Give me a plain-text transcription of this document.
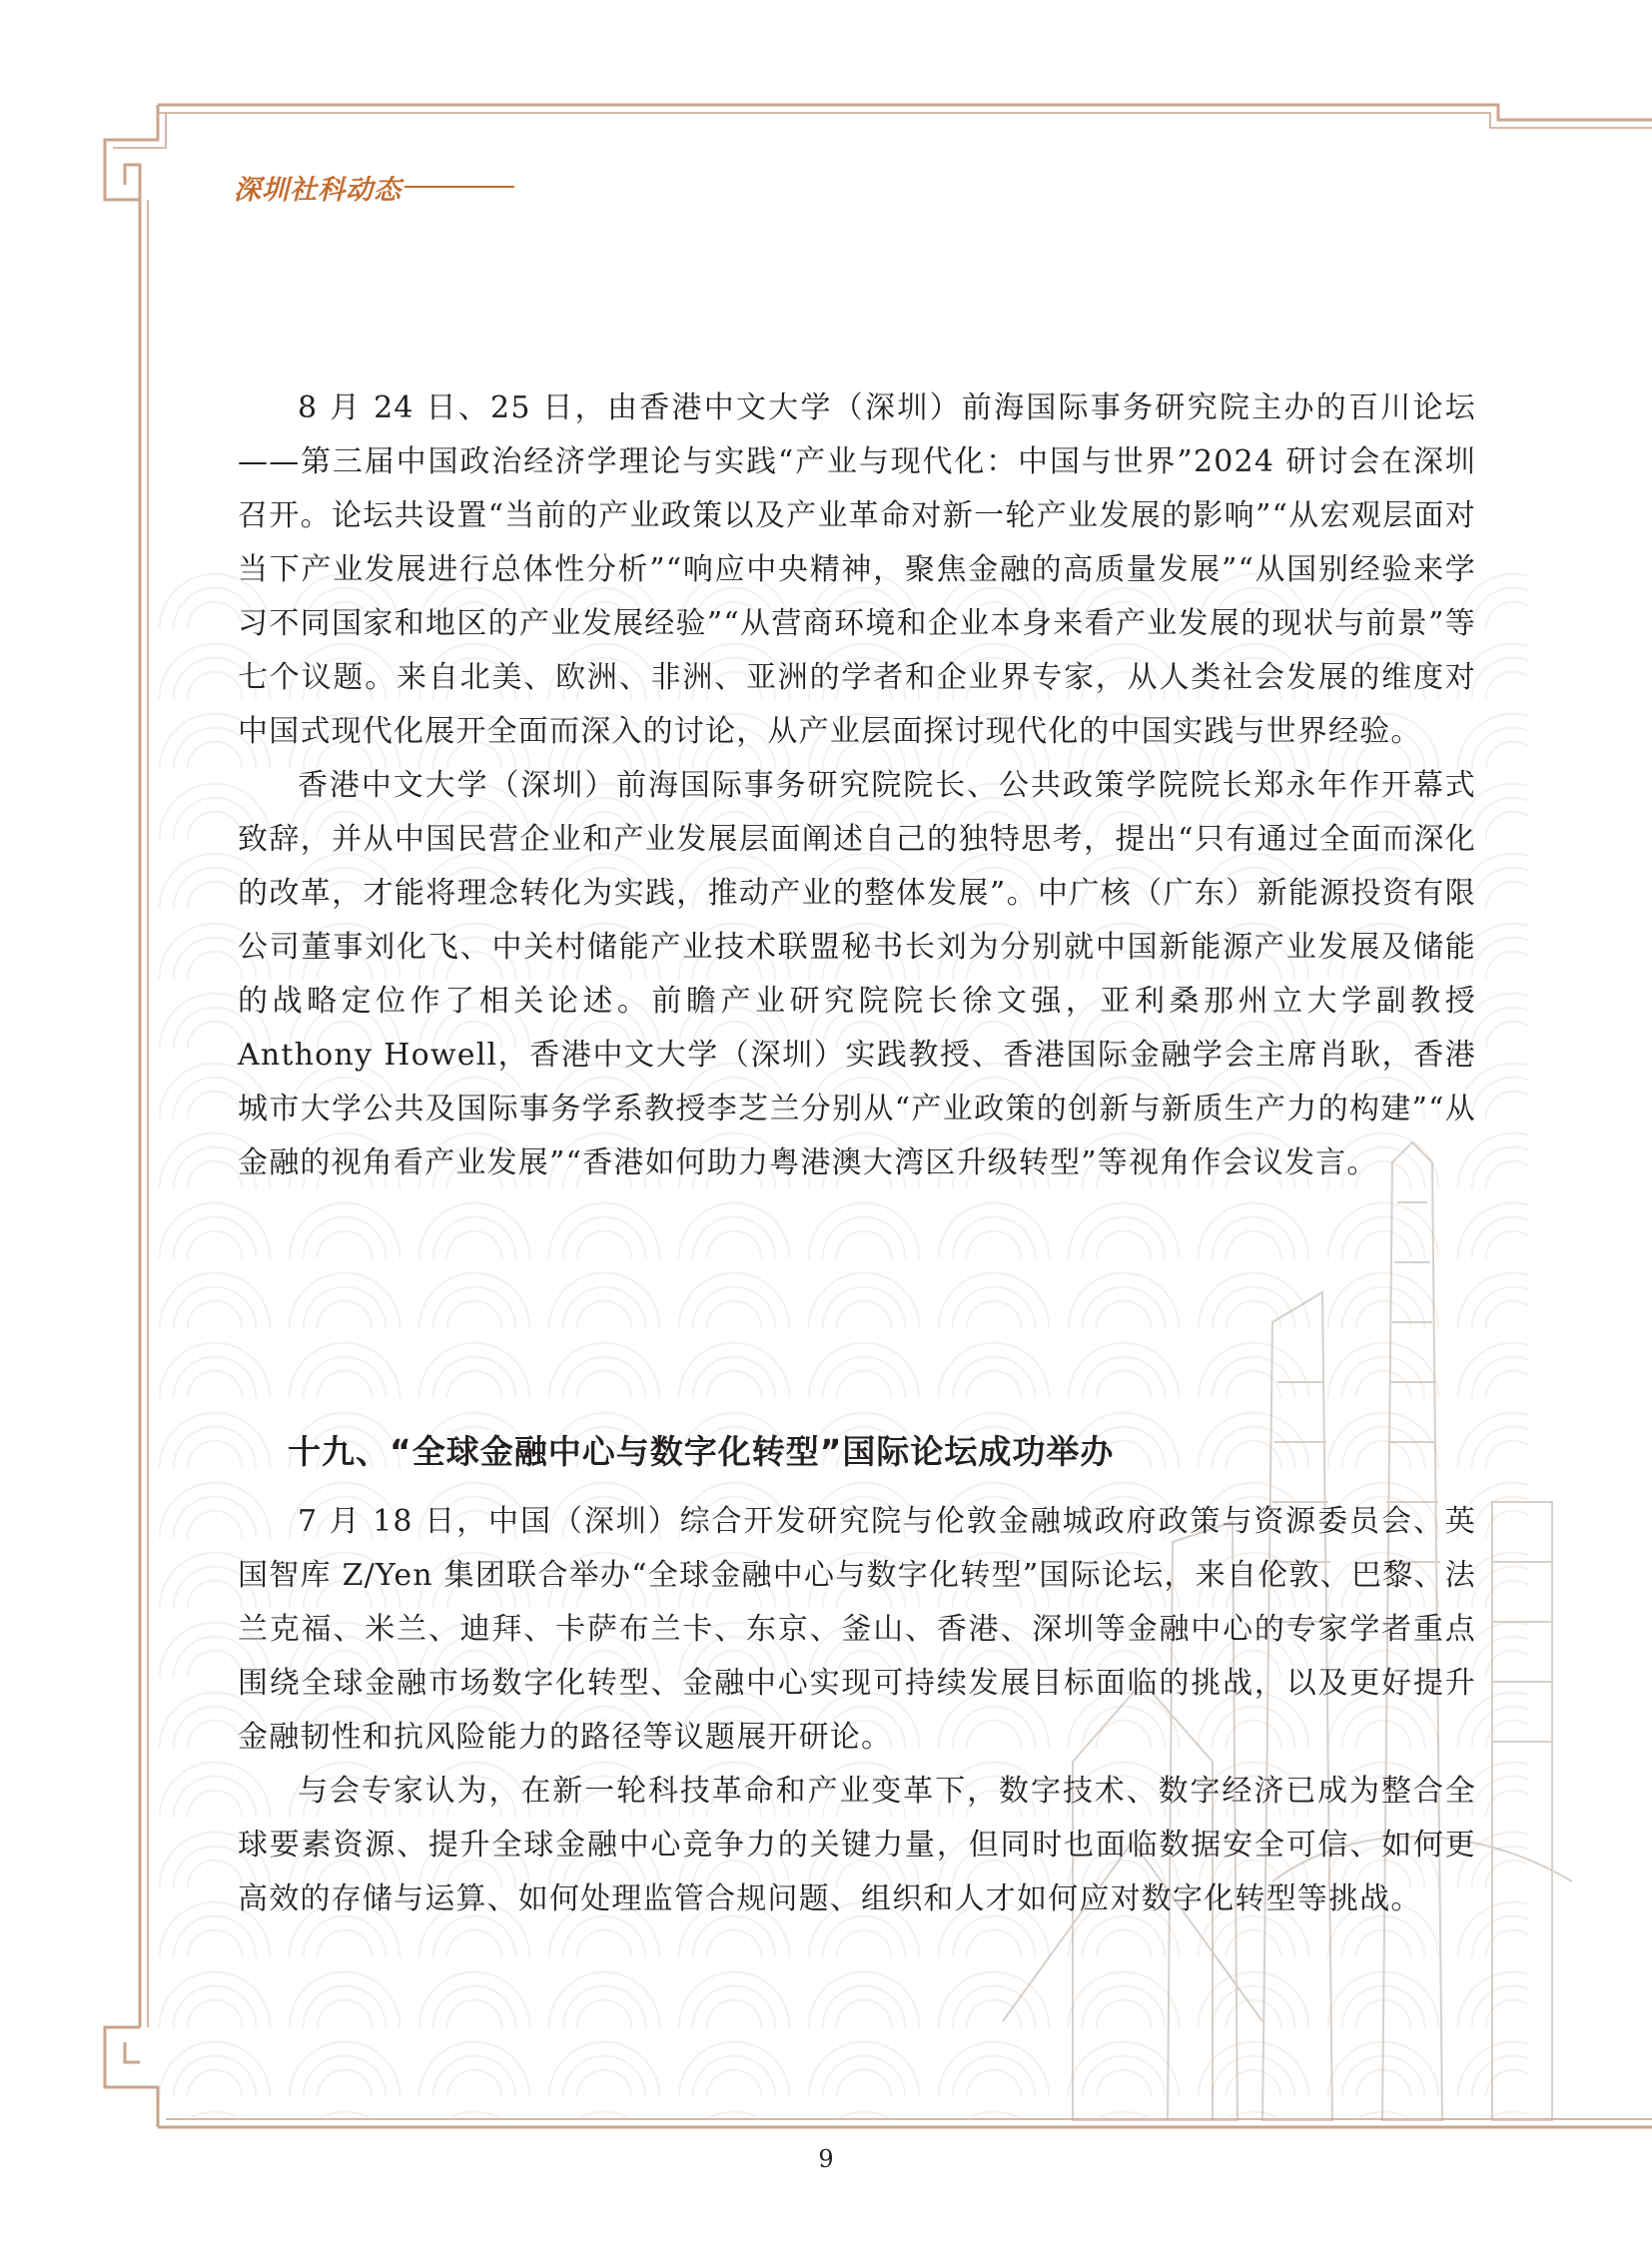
深圳社科动态

8 月 24 日、25 日，由香港中文大学（深圳）前海国际事务研究院主办的百川论坛——第三届中国政治经济学理论与实践“产业与现代化：中国与世界”2024 研讨会在深圳召开。论坛共设置“当前的产业政策以及产业革命对新一轮产业发展的影响”“从宏观层面对当下产业发展进行总体性分析”“响应中央精神，聚焦金融的高质量发展”“从国别经验来学习不同国家和地区的产业发展经验”“从营商环境和企业本身来看产业发展的现状与前景”等七个议题。来自北美、欧洲、非洲、亚洲的学者和企业界专家，从人类社会发展的维度对中国式现代化展开全面而深入的讨论，从产业层面探讨现代化的中国实践与世界经验。

香港中文大学（深圳）前海国际事务研究院院长、公共政策学院院长郑永年作开幕式致辞，并从中国民营企业和产业发展层面阐述自己的独特思考，提出“只有通过全面而深化的改革，才能将理念转化为实践，推动产业的整体发展”。中广核（广东）新能源投资有限公司董事刘化飞、中关村储能产业技术联盟秘书长刘为分别就中国新能源产业发展及储能的战略定位作了相关论述。前瞻产业研究院院长徐文强，亚利桑那州立大学副教授 Anthony Howell，香港中文大学（深圳）实践教授、香港国际金融学会主席肖耿，香港城市大学公共及国际事务学系教授李芝兰分别从“产业政策的创新与新质生产力的构建”“从金融的视角看产业发展”“香港如何助力粤港澳大湾区升级转型”等视角作会议发言。

十九、“全球金融中心与数字化转型”国际论坛成功举办

7 月 18 日，中国（深圳）综合开发研究院与伦敦金融城政府政策与资源委员会、英国智库 Z/Yen 集团联合举办“全球金融中心与数字化转型”国际论坛，来自伦敦、巴黎、法兰克福、米兰、迪拜、卡萨布兰卡、东京、釜山、香港、深圳等金融中心的专家学者重点围绕全球金融市场数字化转型、金融中心实现可持续发展目标面临的挑战，以及更好提升金融韧性和抗风险能力的路径等议题展开研论。

与会专家认为，在新一轮科技革命和产业变革下，数字技术、数字经济已成为整合全球要素资源、提升全球金融中心竞争力的关键力量，但同时也面临数据安全可信、如何更高效的存储与运算、如何处理监管合规问题、组织和人才如何应对数字化转型等挑战。

9
